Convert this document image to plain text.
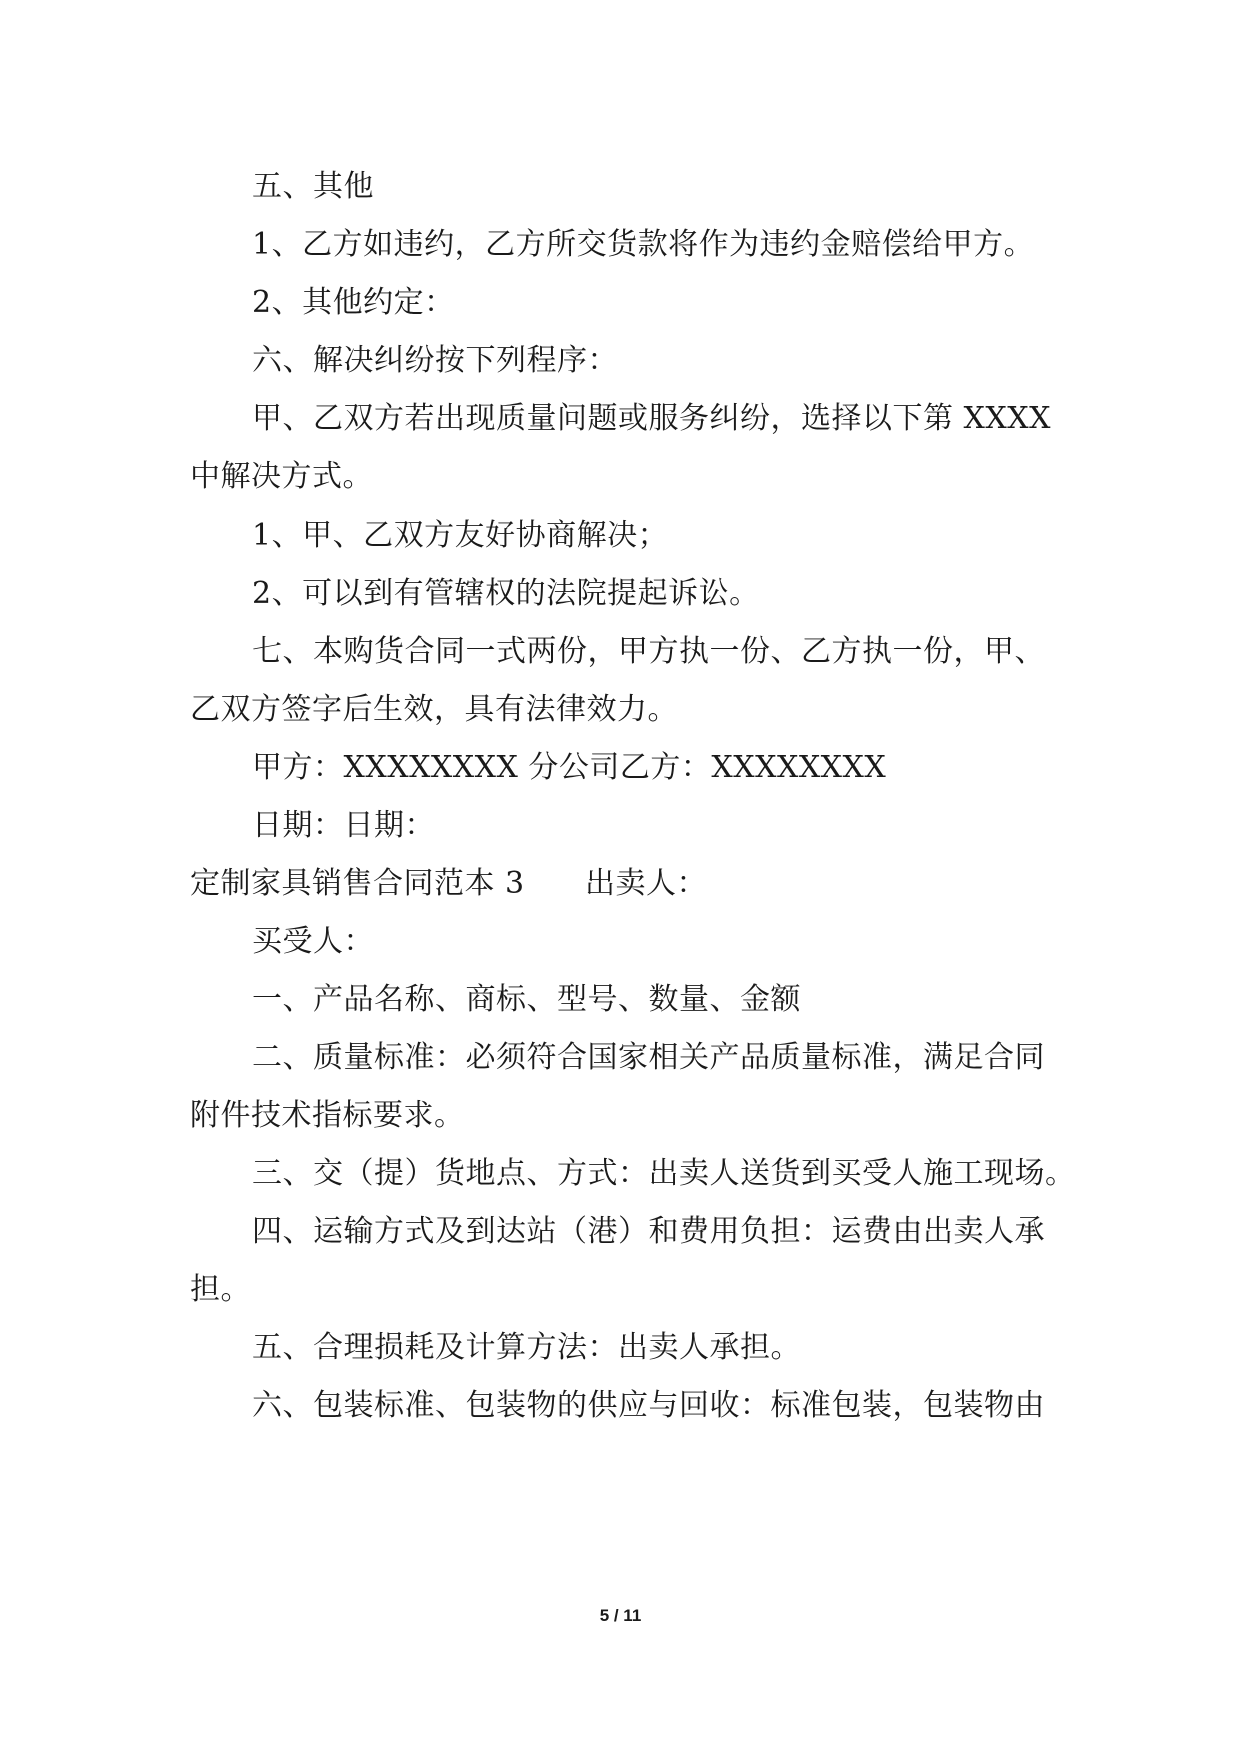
五、其他
1、乙方如违约，乙方所交货款将作为违约金赔偿给甲方。
2、其他约定：
六、解决纠纷按下列程序：
甲、乙双方若出现质量问题或服务纠纷，选择以下第 XXXX
中解决方式。
1、甲、乙双方友好协商解决；
2、可以到有管辖权的法院提起诉讼。
七、本购货合同一式两份，甲方执一份、乙方执一份，甲、
乙双方签字后生效，具有法律效力。
甲方：XXXXXXXX 分公司乙方：XXXXXXXX
日期：日期：
定制家具销售合同范本 3 出卖人：
买受人：
一、产品名称、商标、型号、数量、金额
二、质量标准：必须符合国家相关产品质量标准，满足合同
附件技术指标要求。
三、交（提）货地点、方式：出卖人送货到买受人施工现场。
四、运输方式及到达站（港）和费用负担：运费由出卖人承
担。
五、合理损耗及计算方法：出卖人承担。
六、包装标准、包装物的供应与回收：标准包装，包装物由
5 / 11
